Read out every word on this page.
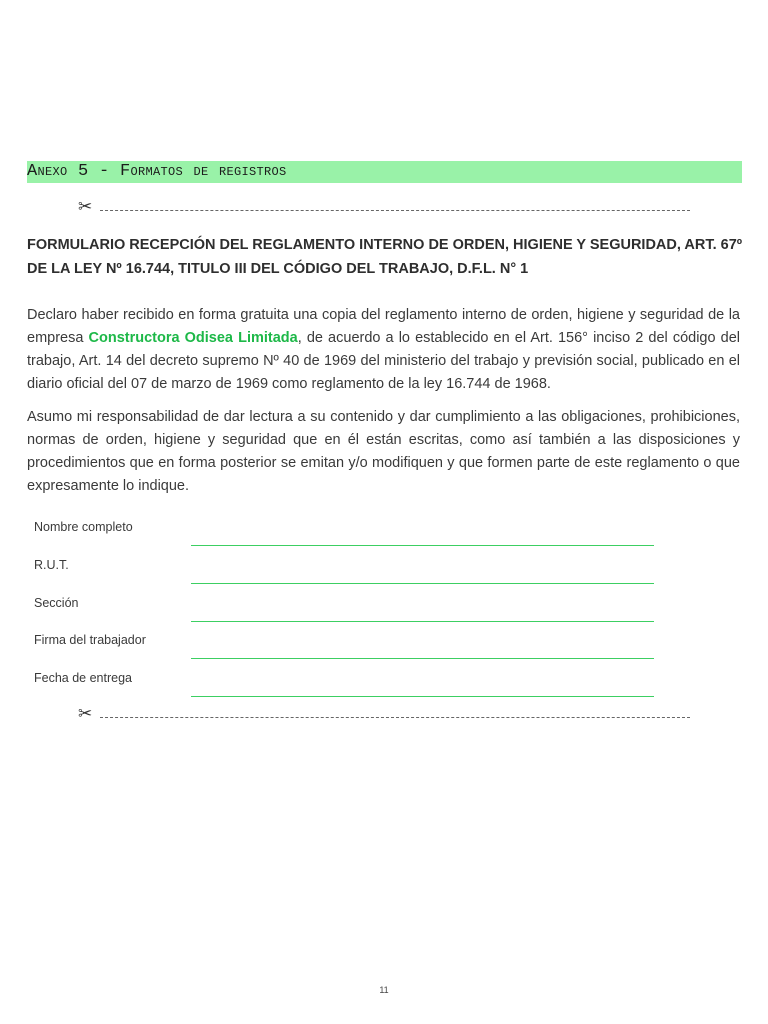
Anexo 5 - Formatos de registros
✂

FORMULARIO RECEPCIÓN DEL REGLAMENTO INTERNO DE ORDEN, HIGIENE Y SEGURIDAD, ART. 67º DE LA LEY Nº 16.744, TITULO III DEL CÓDIGO DEL TRABAJO, D.F.L. N° 1

Declaro haber recibido en forma gratuita una copia del reglamento interno de orden, higiene y seguridad de la empresa Constructora Odisea Limitada, de acuerdo a lo establecido en el Art. 156° inciso 2 del código del trabajo, Art. 14 del decreto supremo Nº 40 de 1969 del ministerio del trabajo y previsión social, publicado en el diario oficial del 07 de marzo de 1969 como reglamento de la ley 16.744 de 1968.

Asumo mi responsabilidad de dar lectura a su contenido y dar cumplimiento a las obligaciones, prohibiciones, normas de orden, higiene y seguridad que en él están escritas, como así también a las disposiciones y procedimientos que en forma posterior se emitan y/o modifiquen y que formen parte de este reglamento o que expresamente lo indique.

Nombre completo
R.U.T.
Sección
Firma del trabajador
Fecha de entrega
✂
11
